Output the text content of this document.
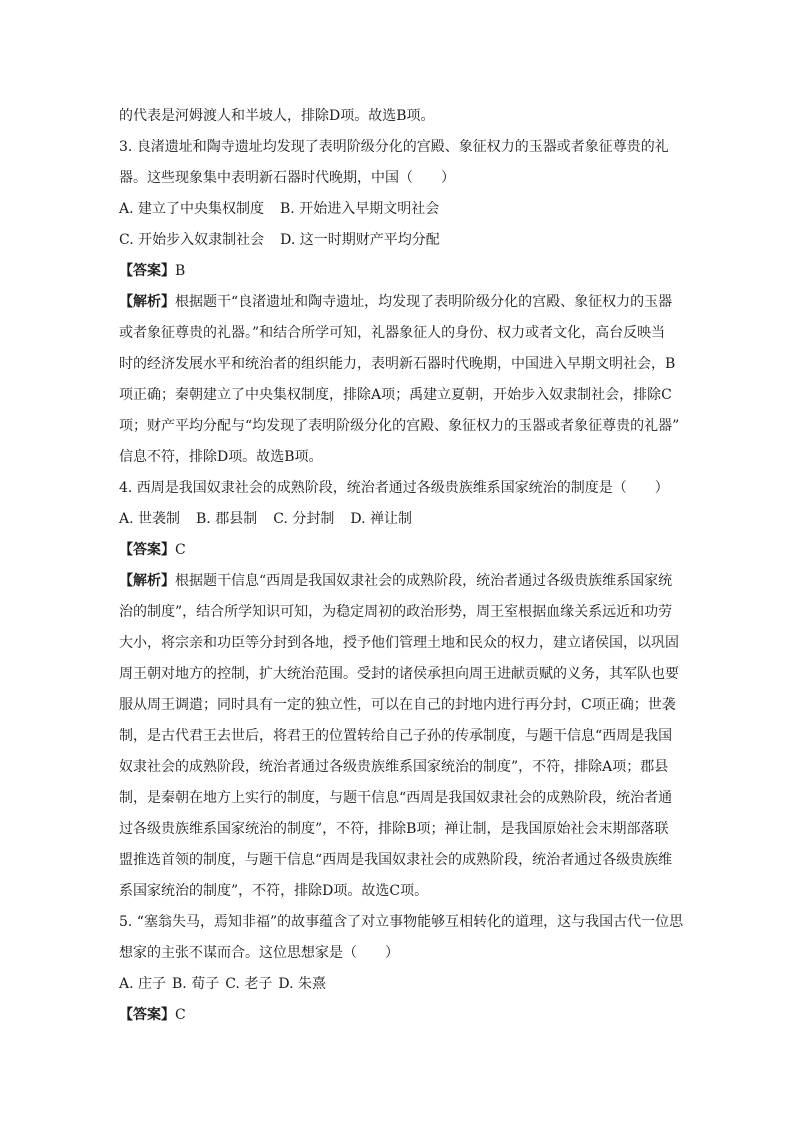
的代表是河姆渡人和半坡人，排除D项。故选B项。
3. 良渚遗址和陶寺遗址均发现了表明阶级分化的宫殿、象征权力的玉器或者象征尊贵的礼
器。这些现象集中表明新石器时代晚期，中国（　　）
A. 建立了中央集权制度 B. 开始进入早期文明社会
C. 开始步入奴隶制社会 D. 这一时期财产平均分配
【答案】B
【解析】根据题干“良渚遗址和陶寺遗址，均发现了表明阶级分化的宫殿、象征权力的玉器
或者象征尊贵的礼器。”和结合所学可知，礼器象征人的身份、权力或者文化，高台反映当
时的经济发展水平和统治者的组织能力，表明新石器时代晚期，中国进入早期文明社会，B
项正确；秦朝建立了中央集权制度，排除A项；禹建立夏朝，开始步入奴隶制社会，排除C
项；财产平均分配与“均发现了表明阶级分化的宫殿、象征权力的玉器或者象征尊贵的礼器”
信息不符，排除D项。故选B项。
4. 西周是我国奴隶社会的成熟阶段，统治者通过各级贵族维系国家统治的制度是（　　）
A. 世袭制 B. 郡县制 C. 分封制 D. 禅让制
【答案】C
【解析】根据题干信息“西周是我国奴隶社会的成熟阶段，统治者通过各级贵族维系国家统
治的制度”，结合所学知识可知，为稳定周初的政治形势，周王室根据血缘关系远近和功劳
大小，将宗亲和功臣等分封到各地，授予他们管理土地和民众的权力，建立诸侯国，以巩固
周王朝对地方的控制，扩大统治范围。受封的诸侯承担向周王进献贡赋的义务，其军队也要
服从周王调遣；同时具有一定的独立性，可以在自己的封地内进行再分封，C项正确；世袭
制，是古代君王去世后，将君王的位置转给自己子孙的传承制度，与题干信息“西周是我国
奴隶社会的成熟阶段，统治者通过各级贵族维系国家统治的制度”，不符，排除A项；郡县
制，是秦朝在地方上实行的制度，与题干信息“西周是我国奴隶社会的成熟阶段，统治者通
过各级贵族维系国家统治的制度”，不符，排除B项；禅让制，是我国原始社会末期部落联
盟推选首领的制度，与题干信息“西周是我国奴隶社会的成熟阶段，统治者通过各级贵族维
系国家统治的制度”，不符，排除D项。故选C项。
5. “塞翁失马，焉知非福”的故事蕴含了对立事物能够互相转化的道理，这与我国古代一位思
想家的主张不谋而合。这位思想家是（　　）
A. 庄子 B. 荀子 C. 老子 D. 朱熹
【答案】C
